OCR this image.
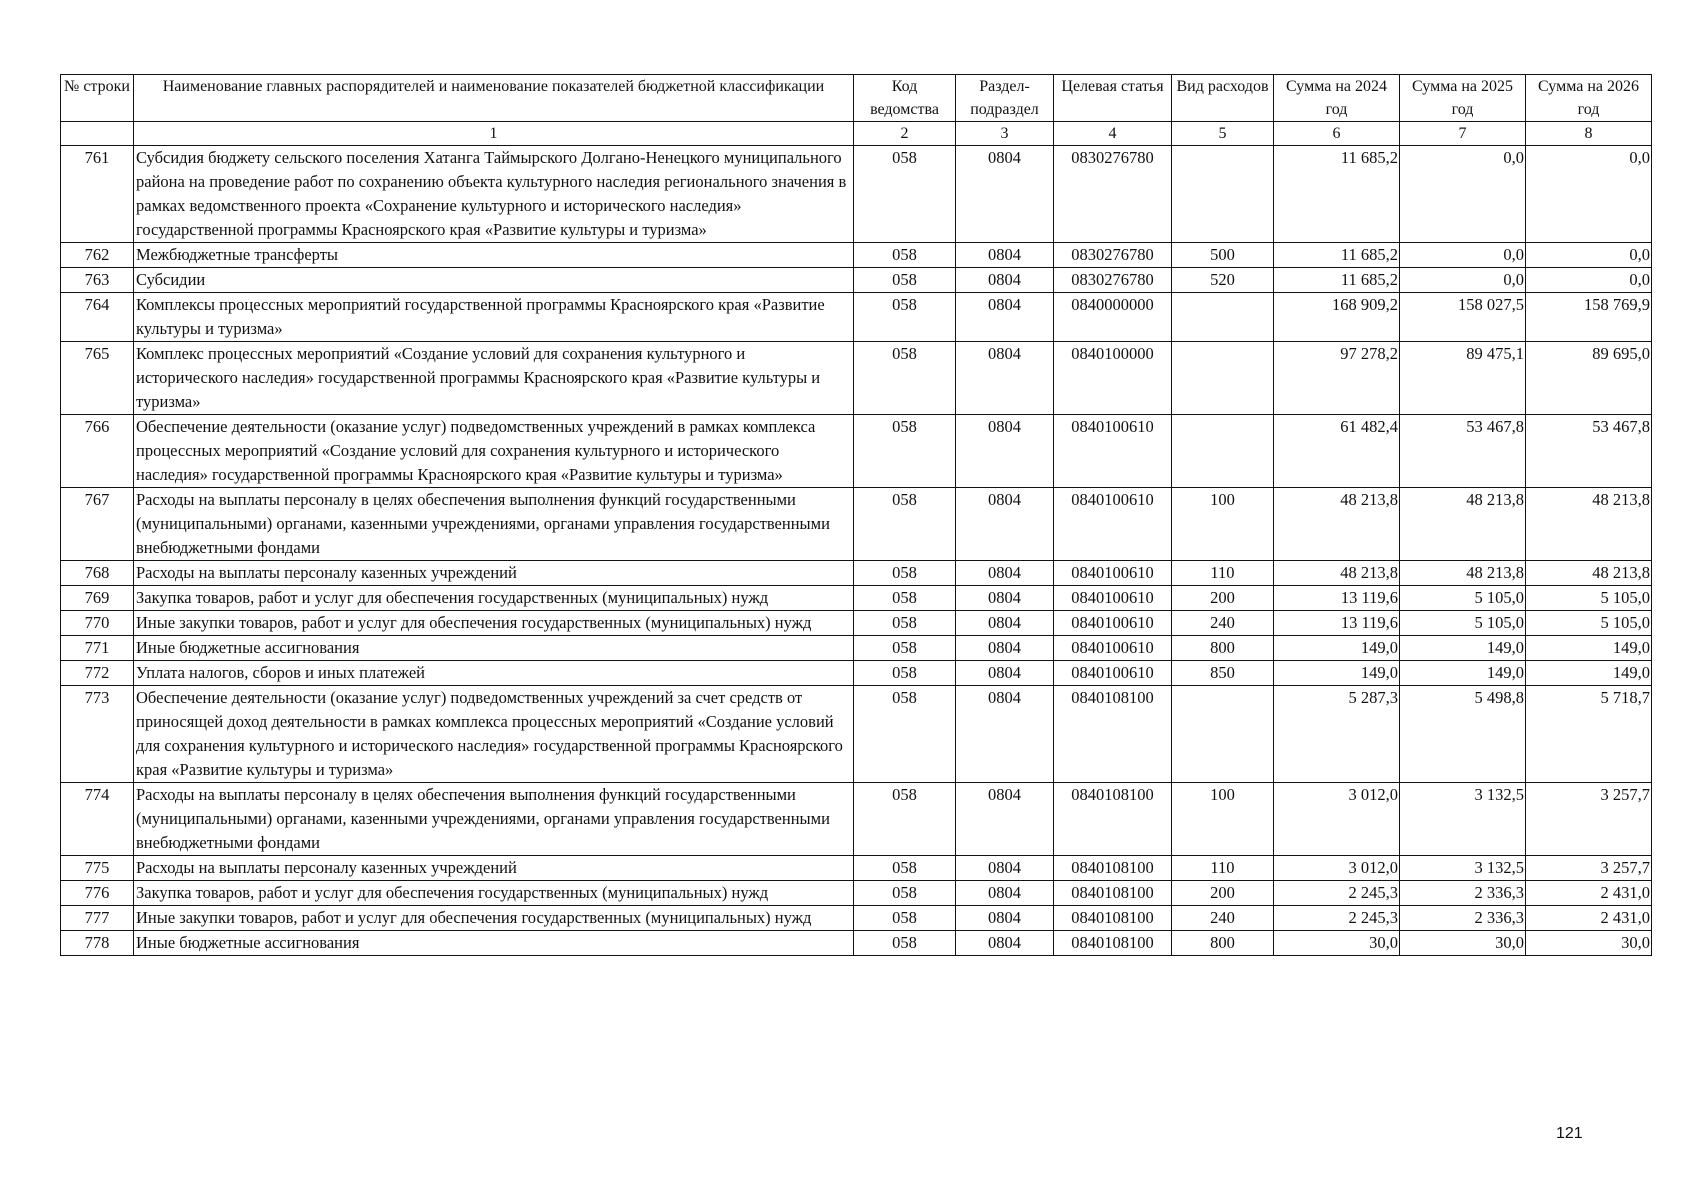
№ строки	Наименование главных распорядителей и наименование показателей бюджетной классификации	Код ведомства	Раздел-подраздел	Целевая статья	Вид расходов	Сумма на 2024 год	Сумма на 2025 год	Сумма на 2026 год
	1	2	3	4	5	6	7	8
761	Субсидия бюджету сельского поселения Хатанга Таймырского Долгано-Ненецкого муниципального района на проведение работ по сохранению объекта культурного наследия регионального значения в рамках ведомственного проекта «Сохранение культурного и исторического наследия» государственной программы Красноярского края «Развитие культуры и туризма»	058	0804	0830276780		11 685,2	0,0	0,0
762	Межбюджетные трансферты	058	0804	0830276780	500	11 685,2	0,0	0,0
763	Субсидии	058	0804	0830276780	520	11 685,2	0,0	0,0
764	Комплексы процессных мероприятий государственной программы Красноярского края «Развитие культуры и туризма»	058	0804	0840000000		168 909,2	158 027,5	158 769,9
765	Комплекс процессных мероприятий «Создание условий для сохранения культурного и исторического наследия» государственной программы Красноярского края «Развитие культуры и туризма»	058	0804	0840100000		97 278,2	89 475,1	89 695,0
766	Обеспечение деятельности (оказание услуг) подведомственных учреждений в рамках комплекса процессных мероприятий «Создание условий для сохранения культурного и исторического наследия» государственной программы Красноярского края «Развитие культуры и туризма»	058	0804	0840100610		61 482,4	53 467,8	53 467,8
767	Расходы на выплаты персоналу в целях обеспечения выполнения функций государственными (муниципальными) органами, казенными учреждениями, органами управления государственными внебюджетными фондами	058	0804	0840100610	100	48 213,8	48 213,8	48 213,8
768	Расходы на выплаты персоналу казенных учреждений	058	0804	0840100610	110	48 213,8	48 213,8	48 213,8
769	Закупка товаров, работ и услуг для обеспечения государственных (муниципальных) нужд	058	0804	0840100610	200	13 119,6	5 105,0	5 105,0
770	Иные закупки товаров, работ и услуг для обеспечения государственных (муниципальных) нужд	058	0804	0840100610	240	13 119,6	5 105,0	5 105,0
771	Иные бюджетные ассигнования	058	0804	0840100610	800	149,0	149,0	149,0
772	Уплата налогов, сборов и иных платежей	058	0804	0840100610	850	149,0	149,0	149,0
773	Обеспечение деятельности (оказание услуг) подведомственных учреждений за счет средств от приносящей доход деятельности в рамках комплекса процессных мероприятий «Создание условий для сохранения культурного и исторического наследия» государственной программы Красноярского края «Развитие культуры и туризма»	058	0804	0840108100		5 287,3	5 498,8	5 718,7
774	Расходы на выплаты персоналу в целях обеспечения выполнения функций государственными (муниципальными) органами, казенными учреждениями, органами управления государственными внебюджетными фондами	058	0804	0840108100	100	3 012,0	3 132,5	3 257,7
775	Расходы на выплаты персоналу казенных учреждений	058	0804	0840108100	110	3 012,0	3 132,5	3 257,7
776	Закупка товаров, работ и услуг для обеспечения государственных (муниципальных) нужд	058	0804	0840108100	200	2 245,3	2 336,3	2 431,0
777	Иные закупки товаров, работ и услуг для обеспечения государственных (муниципальных) нужд	058	0804	0840108100	240	2 245,3	2 336,3	2 431,0
778	Иные бюджетные ассигнования	058	0804	0840108100	800	30,0	30,0	30,0
121
